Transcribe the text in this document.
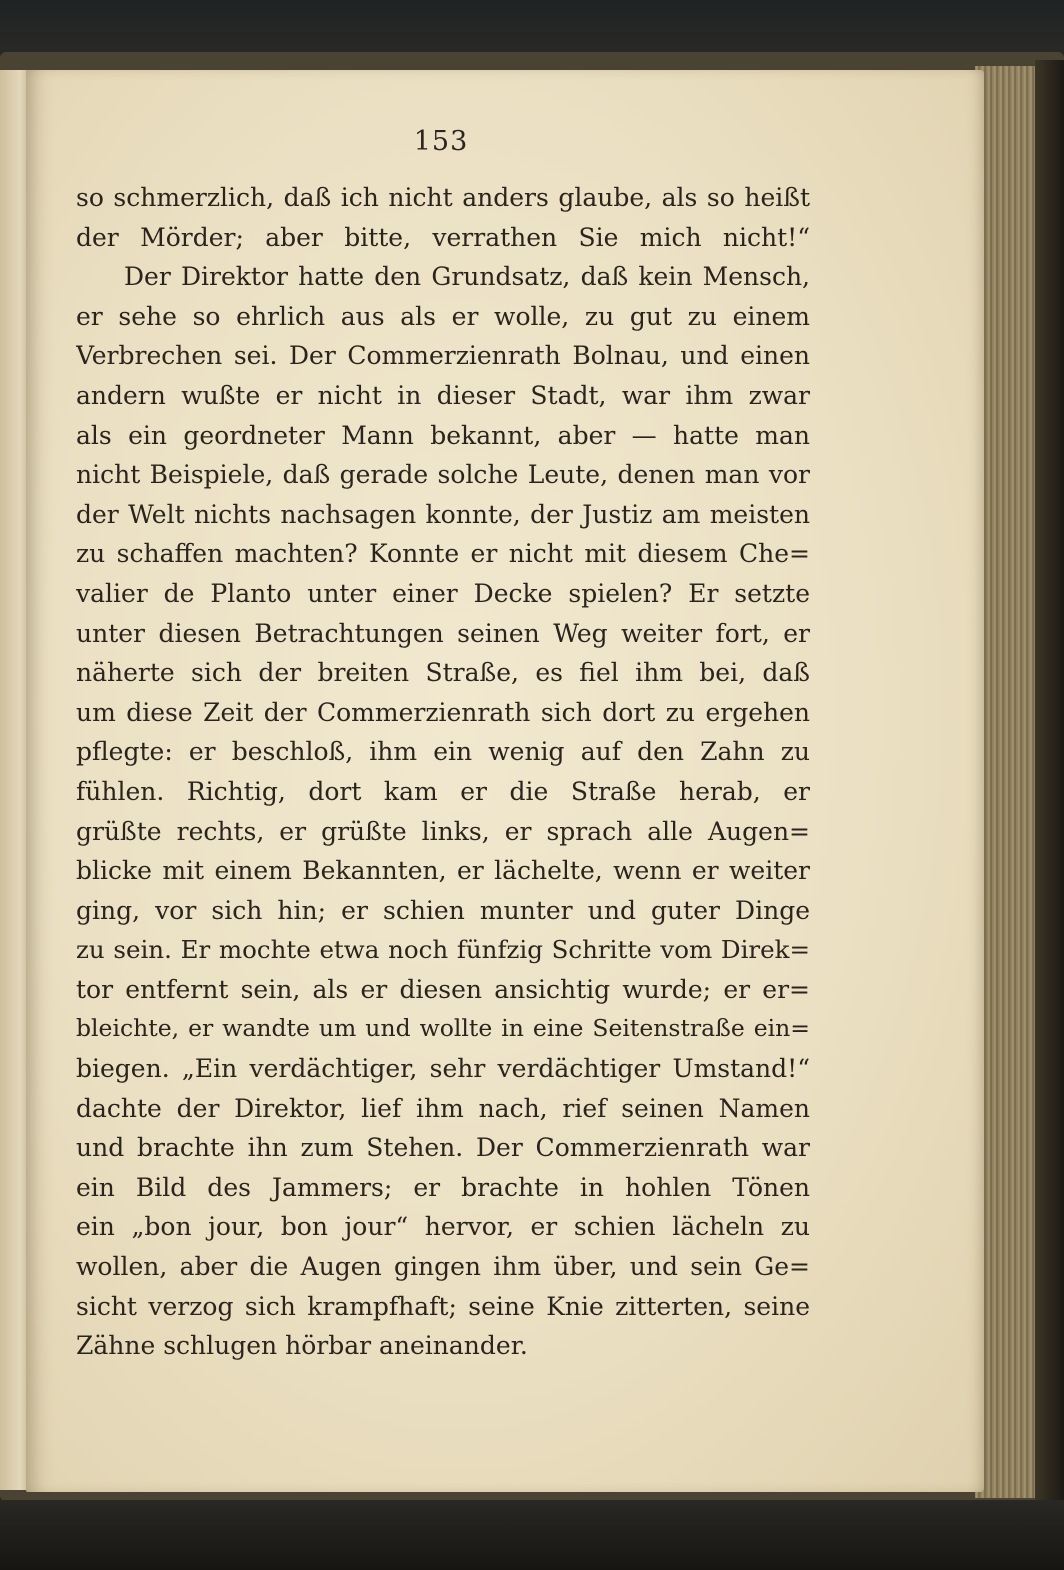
153
so schmerzlich, daß ich nicht anders glaube, als so heißt
der Mörder; aber bitte, verrathen Sie mich nicht!“
Der Direktor hatte den Grundsatz, daß kein Mensch,
er sehe so ehrlich aus als er wolle, zu gut zu einem
Verbrechen sei. Der Commerzienrath Bolnau, und einen
andern wußte er nicht in dieser Stadt, war ihm zwar
als ein geordneter Mann bekannt, aber — hatte man
nicht Beispiele, daß gerade solche Leute, denen man vor
der Welt nichts nachsagen konnte, der Justiz am meisten
zu schaffen machten? Konnte er nicht mit diesem Che=
valier de Planto unter einer Decke spielen? Er setzte
unter diesen Betrachtungen seinen Weg weiter fort, er
näherte sich der breiten Straße, es fiel ihm bei, daß
um diese Zeit der Commerzienrath sich dort zu ergehen
pflegte: er beschloß, ihm ein wenig auf den Zahn zu
fühlen. Richtig, dort kam er die Straße herab, er
grüßte rechts, er grüßte links, er sprach alle Augen=
blicke mit einem Bekannten, er lächelte, wenn er weiter
ging, vor sich hin; er schien munter und guter Dinge
zu sein. Er mochte etwa noch fünfzig Schritte vom Direk=
tor entfernt sein, als er diesen ansichtig wurde; er er=
bleichte, er wandte um und wollte in eine Seitenstraße ein=
biegen. „Ein verdächtiger, sehr verdächtiger Umstand!“
dachte der Direktor, lief ihm nach, rief seinen Namen
und brachte ihn zum Stehen. Der Commerzienrath war
ein Bild des Jammers; er brachte in hohlen Tönen
ein „bon jour, bon jour“ hervor, er schien lächeln zu
wollen, aber die Augen gingen ihm über, und sein Ge=
sicht verzog sich krampfhaft; seine Knie zitterten, seine
Zähne schlugen hörbar aneinander.
